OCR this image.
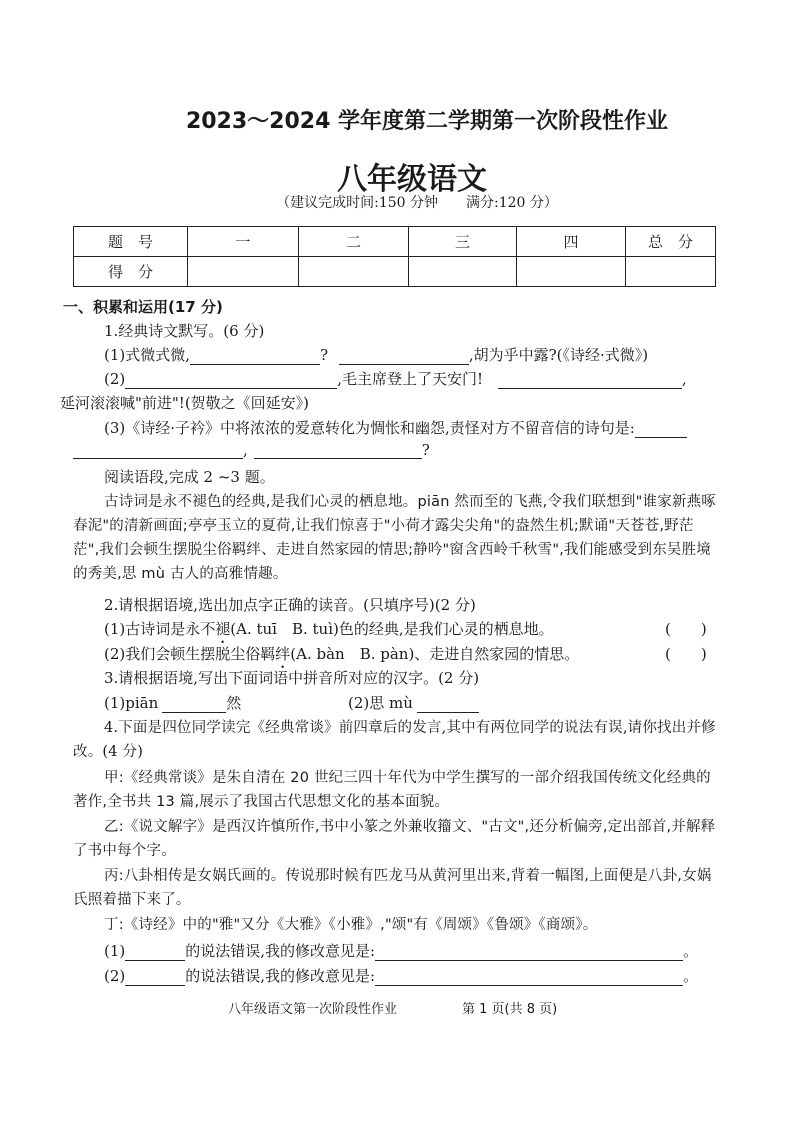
2023～2024 学年度第二学期第一次阶段性作业
八年级语文
（建议完成时间:150 分钟　　满分:120 分）
题　号	一	二	三	四	总　分
得　分					
一、积累和运用(17 分)
1.经典诗文默写。(6 分)
(1)式微式微,	?	,胡为乎中露?(《诗经·式微》)
(2)	,毛主席登上了天安门!	,
延河滚滚喊"前进"!(贺敬之《回延安》)
(3)《诗经·子衿》中将浓浓的爱意转化为惆怅和幽怨,责怪对方不留音信的诗句是:
,	?
阅读语段,完成 2 ~3 题。
古诗词是永不褪色的经典,是我们心灵的栖息地。piān 然而至的飞燕,令我们联想到"谁家新燕啄春泥"的清新画面;亭亭玉立的夏荷,让我们惊喜于"小荷才露尖尖角"的盎然生机;默诵"天苍苍,野茫茫",我们会顿生摆脱尘俗羁绊、走进自然家园的情思;静吟"窗含西岭千秋雪",我们能感受到东吴胜境的秀美,思 mù 古人的高雅情趣。
2.请根据语境,选出加点字正确的读音。(只填序号)(2 分)
(1)古诗词是永不褪(A. tuī　B. tuì)色的经典,是我们心灵的栖息地。	(　　)
(2)我们会顿生摆脱尘俗羁绊(A. bàn　B. pàn)、走进自然家园的情思。	(　　)
3.请根据语境,写出下面词语中拼音所对应的汉字。(2 分)
(1)piān	然	(2)思 mù
4.下面是四位同学读完《经典常谈》前四章后的发言,其中有两位同学的说法有误,请你找出并修改。(4 分)
甲:《经典常谈》是朱自清在 20 世纪三四十年代为中学生撰写的一部介绍我国传统文化经典的著作,全书共 13 篇,展示了我国古代思想文化的基本面貌。
乙:《说文解字》是西汉许慎所作,书中小篆之外兼收籀文、"古文",还分析偏旁,定出部首,并解释了书中每个字。
丙:八卦相传是女娲氏画的。传说那时候有匹龙马从黄河里出来,背着一幅图,上面便是八卦,女娲氏照着描下来了。
丁:《诗经》中的"雅"又分《大雅》《小雅》,"颂"有《周颂》《鲁颂》《商颂》。
(1)	的说法错误,我的修改意见是:	。
(2)	的说法错误,我的修改意见是:	。
八年级语文第一次阶段性作业	第 1 页(共 8 页)
